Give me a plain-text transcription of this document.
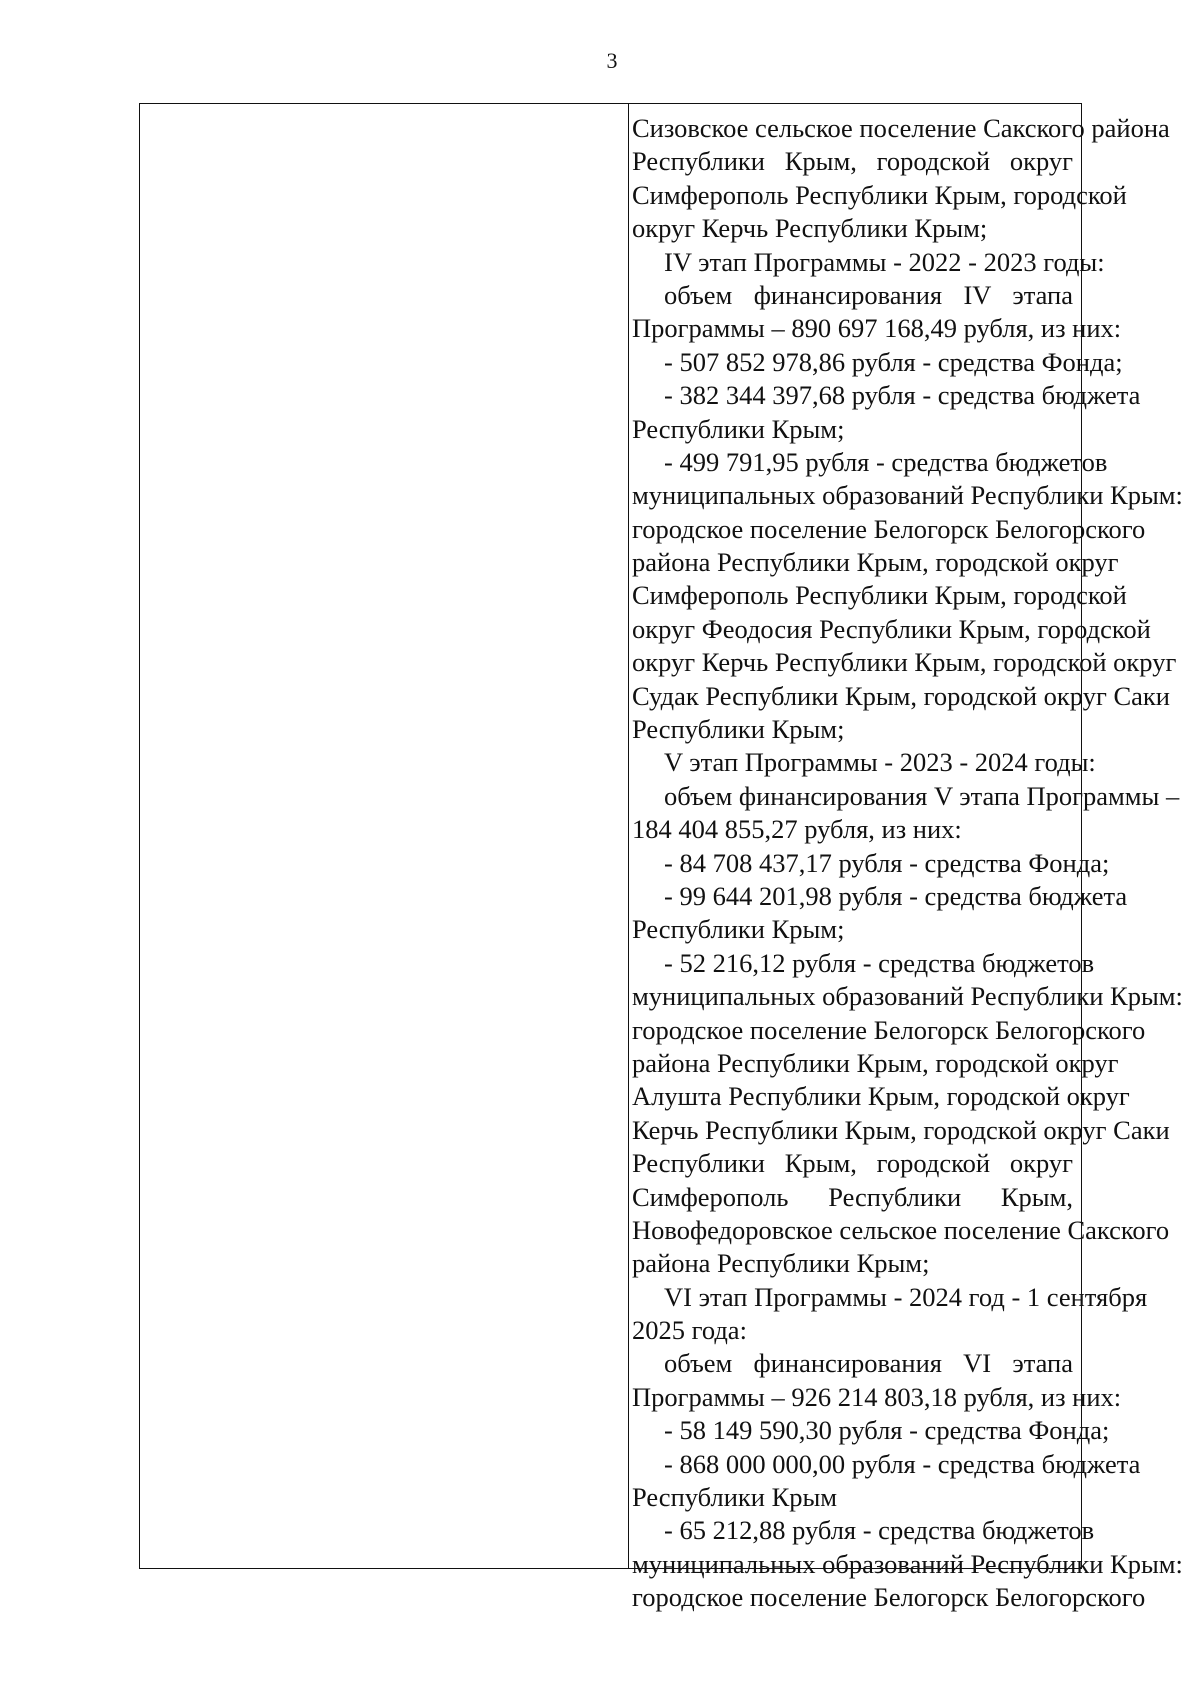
3
Сизовское сельское поселение Сакского района
Республики Крым, городской округ
Симферополь Республики Крым, городской
округ Керчь Республики Крым;
IV этап Программы - 2022 - 2023 годы:
объем финансирования IV этапа
Программы – 890 697 168,49 рубля, из них:
- 507 852 978,86 рубля - средства Фонда;
- 382 344 397,68 рубля - средства бюджета
Республики Крым;
- 499 791,95 рубля - средства бюджетов
муниципальных образований Республики Крым:
городское поселение Белогорск Белогорского
района Республики Крым, городской округ
Симферополь Республики Крым, городской
округ Феодосия Республики Крым, городской
округ Керчь Республики Крым, городской округ
Судак Республики Крым, городской округ Саки
Республики Крым;
V этап Программы - 2023 - 2024 годы:
объем финансирования V этапа Программы –
184 404 855,27 рубля, из них:
- 84 708 437,17 рубля - средства Фонда;
- 99 644 201,98 рубля - средства бюджета
Республики Крым;
- 52 216,12 рубля - средства бюджетов
муниципальных образований Республики Крым:
городское поселение Белогорск Белогорского
района Республики Крым, городской округ
Алушта Республики Крым, городской округ
Керчь Республики Крым, городской округ Саки
Республики Крым, городской округ
Симферополь Республики Крым,
Новофедоровское сельское поселение Сакского
района Республики Крым;
VI этап Программы - 2024 год - 1 сентября
2025 года:
объем финансирования VI этапа
Программы – 926 214 803,18 рубля, из них:
- 58 149 590,30 рубля - средства Фонда;
- 868 000 000,00 рубля - средства бюджета
Республики Крым
- 65 212,88 рубля - средства бюджетов
муниципальных образований Республики Крым:
городское поселение Белогорск Белогорского
